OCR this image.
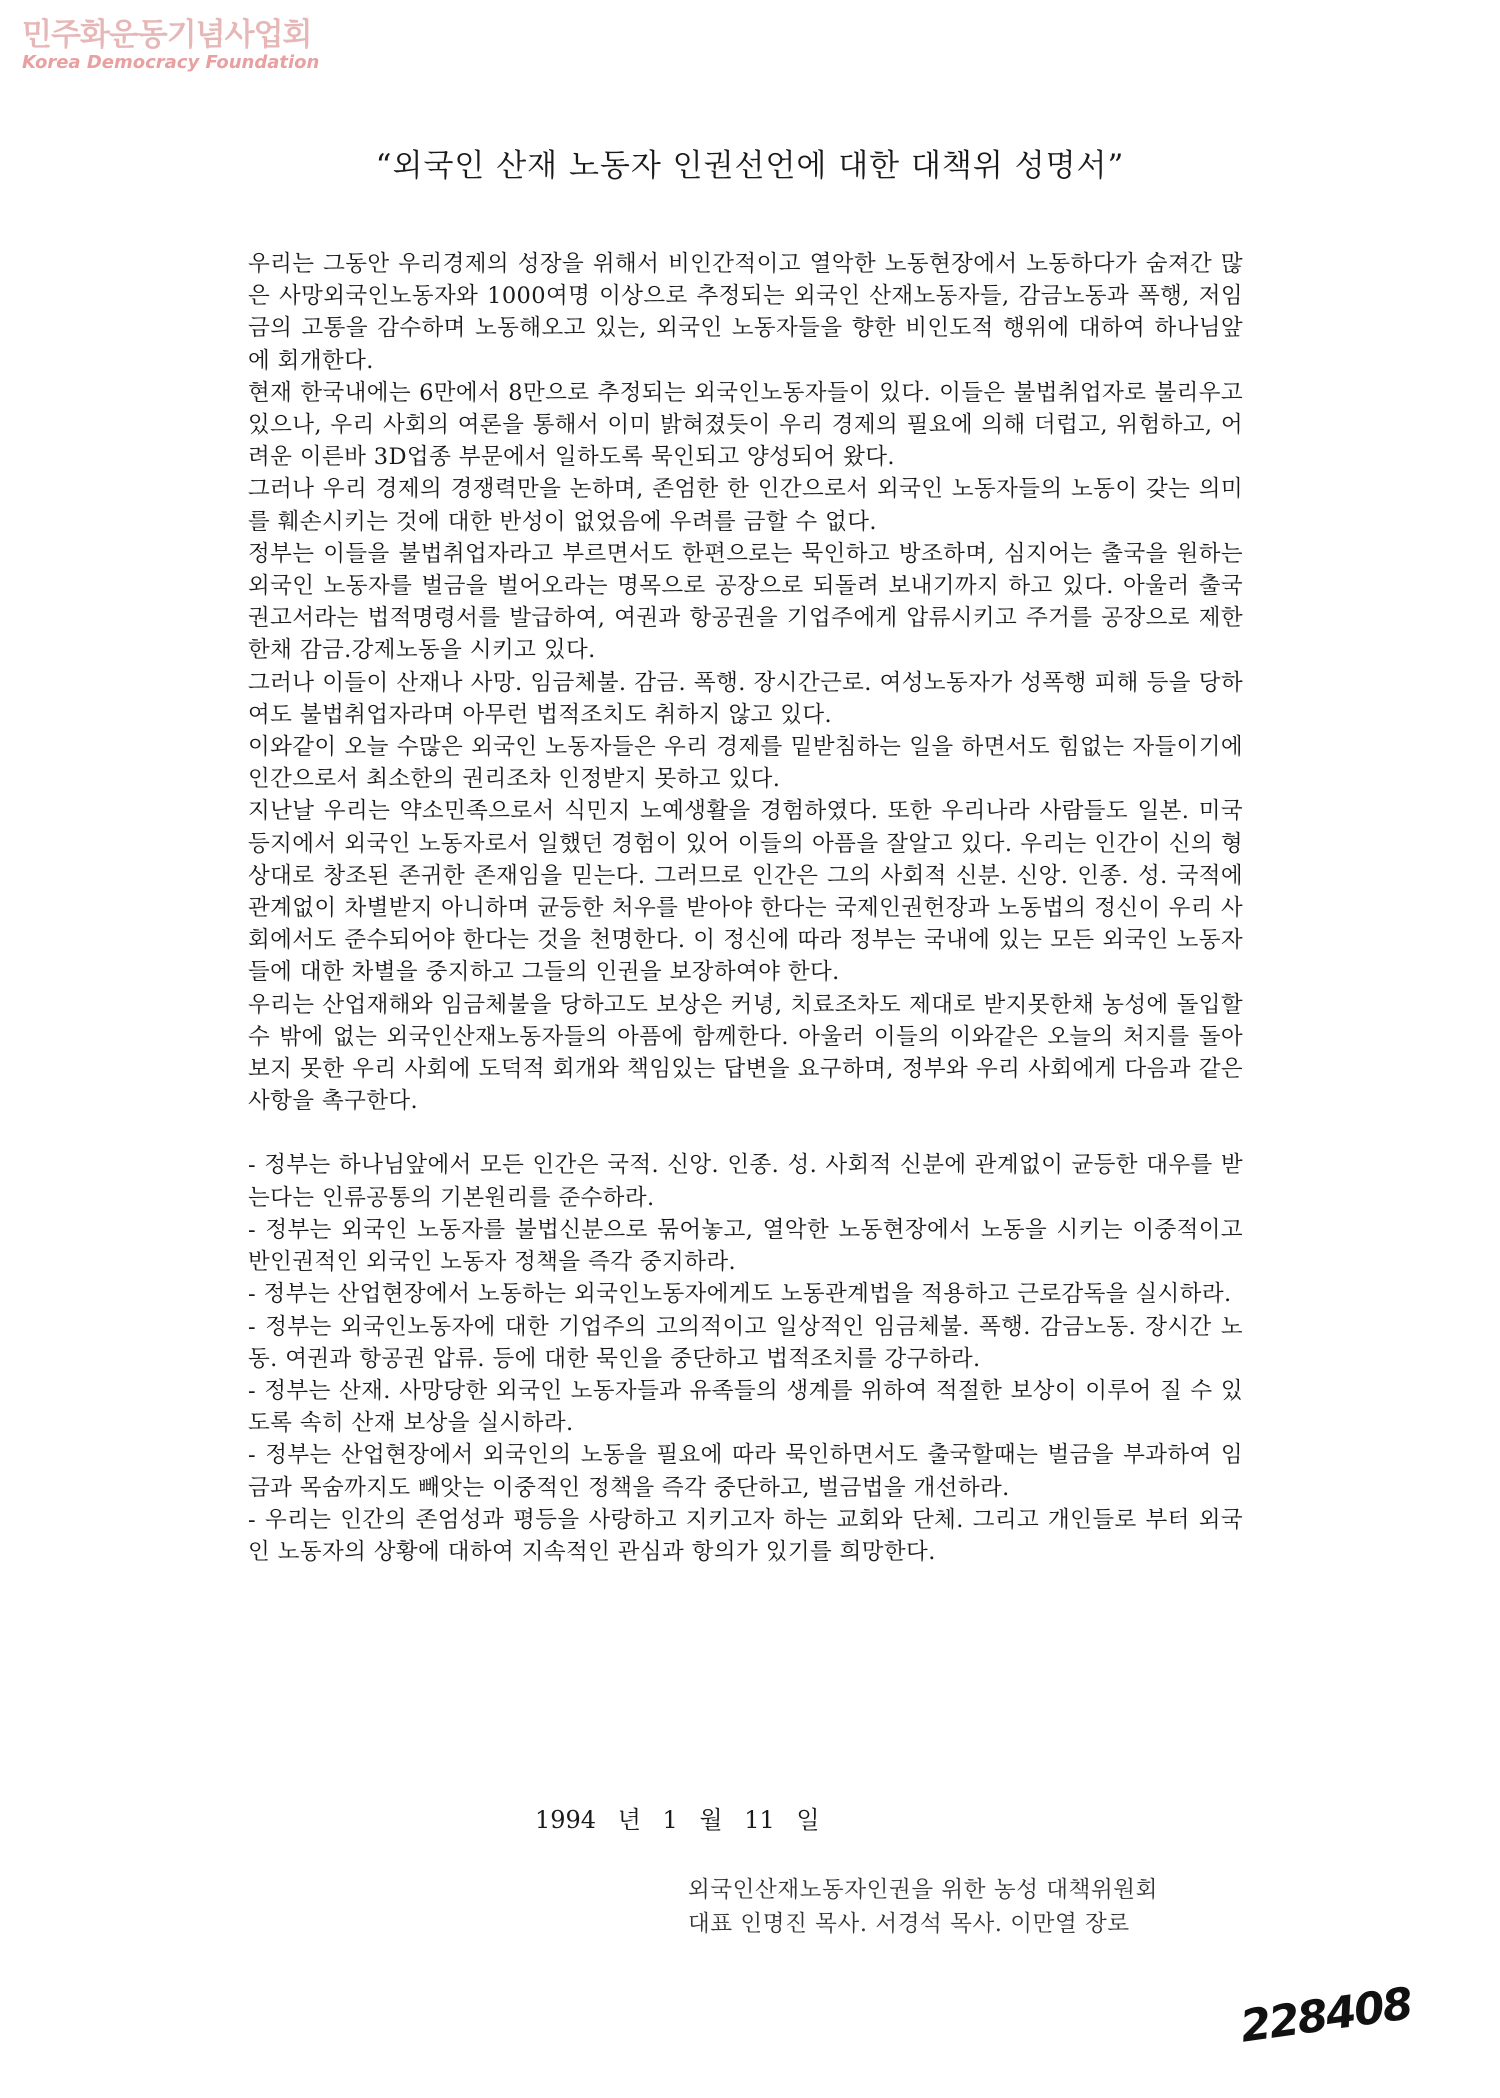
민주화운동기념사업회
Korea Democracy Foundation
“외국인 산재 노동자 인권선언에 대한 대책위 성명서”

우리는 그동안 우리경제의 성장을 위해서 비인간적이고 열악한 노동현장에서 노동하다가 숨져간 많은 사망외국인노동자와 1000여명 이상으로 추정되는 외국인 산재노동자들, 감금노동과 폭행, 저임금의 고통을 감수하며 노동해오고 있는, 외국인 노동자들을 향한 비인도적 행위에 대하여 하나님앞에 회개한다.

현재 한국내에는 6만에서 8만으로 추정되는 외국인노동자들이 있다. 이들은 불법취업자로 불리우고 있으나, 우리 사회의 여론을 통해서 이미 밝혀졌듯이 우리 경제의 필요에 의해 더럽고, 위험하고, 어려운 이른바 3D업종 부문에서 일하도록 묵인되고 양성되어 왔다.

그러나 우리 경제의 경쟁력만을 논하며, 존엄한 한 인간으로서 외국인 노동자들의 노동이 갖는 의미를 훼손시키는 것에 대한 반성이 없었음에 우려를 금할 수 없다.

정부는 이들을 불법취업자라고 부르면서도 한편으로는 묵인하고 방조하며, 심지어는 출국을 원하는 외국인 노동자를 벌금을 벌어오라는 명목으로 공장으로 되돌려 보내기까지 하고 있다. 아울러 출국권고서라는 법적명령서를 발급하여, 여권과 항공권을 기업주에게 압류시키고 주거를 공장으로 제한한채 감금.강제노동을 시키고 있다.

그러나 이들이 산재나 사망. 임금체불. 감금. 폭행. 장시간근로. 여성노동자가 성폭행 피해 등을 당하여도 불법취업자라며 아무런 법적조치도 취하지 않고 있다.

이와같이 오늘 수많은 외국인 노동자들은 우리 경제를 밑받침하는 일을 하면서도 힘없는 자들이기에 인간으로서 최소한의 권리조차 인정받지 못하고 있다.

지난날 우리는 약소민족으로서 식민지 노예생활을 경험하였다. 또한 우리나라 사람들도 일본. 미국등지에서 외국인 노동자로서 일했던 경험이 있어 이들의 아픔을 잘알고 있다. 우리는 인간이 신의 형상대로 창조된 존귀한 존재임을 믿는다. 그러므로 인간은 그의 사회적 신분. 신앙. 인종. 성. 국적에 관계없이 차별받지 아니하며 균등한 처우를 받아야 한다는 국제인권헌장과 노동법의 정신이 우리 사회에서도 준수되어야 한다는 것을 천명한다. 이 정신에 따라 정부는 국내에 있는 모든 외국인 노동자들에 대한 차별을 중지하고 그들의 인권을 보장하여야 한다.

우리는 산업재해와 임금체불을 당하고도 보상은 커녕, 치료조차도 제대로 받지못한채 농성에 돌입할 수 밖에 없는 외국인산재노동자들의 아픔에 함께한다. 아울러 이들의 이와같은 오늘의 처지를 돌아보지 못한 우리 사회에 도덕적 회개와 책임있는 답변을 요구하며, 정부와 우리 사회에게 다음과 같은 사항을 촉구한다.

- 정부는 하나님앞에서 모든 인간은 국적. 신앙. 인종. 성. 사회적 신분에 관계없이 균등한 대우를 받는다는 인류공통의 기본원리를 준수하라.

- 정부는 외국인 노동자를 불법신분으로 묶어놓고, 열악한 노동현장에서 노동을 시키는 이중적이고 반인권적인 외국인 노동자 정책을 즉각 중지하라.

- 정부는 산업현장에서 노동하는 외국인노동자에게도 노동관계법을 적용하고 근로감독을 실시하라.

- 정부는 외국인노동자에 대한 기업주의 고의적이고 일상적인 임금체불. 폭행. 감금노동. 장시간 노동. 여권과 항공권 압류. 등에 대한 묵인을 중단하고 법적조치를 강구하라.

- 정부는 산재. 사망당한 외국인 노동자들과 유족들의 생계를 위하여 적절한 보상이 이루어 질 수 있도록 속히 산재 보상을 실시하라.

- 정부는 산업현장에서 외국인의 노동을 필요에 따라 묵인하면서도 출국할때는 벌금을 부과하여 임금과 목숨까지도 빼앗는 이중적인 정책을 즉각 중단하고, 벌금법을 개선하라.

- 우리는 인간의 존엄성과 평등을 사랑하고 지키고자 하는 교회와 단체. 그리고 개인들로 부터 외국인 노동자의 상황에 대하여 지속적인 관심과 항의가 있기를 희망한다.

1994 년 1 월 11 일
외국인산재노동자인권을 위한 농성 대책위원회
대표 인명진 목사. 서경석 목사. 이만열 장로
228408
